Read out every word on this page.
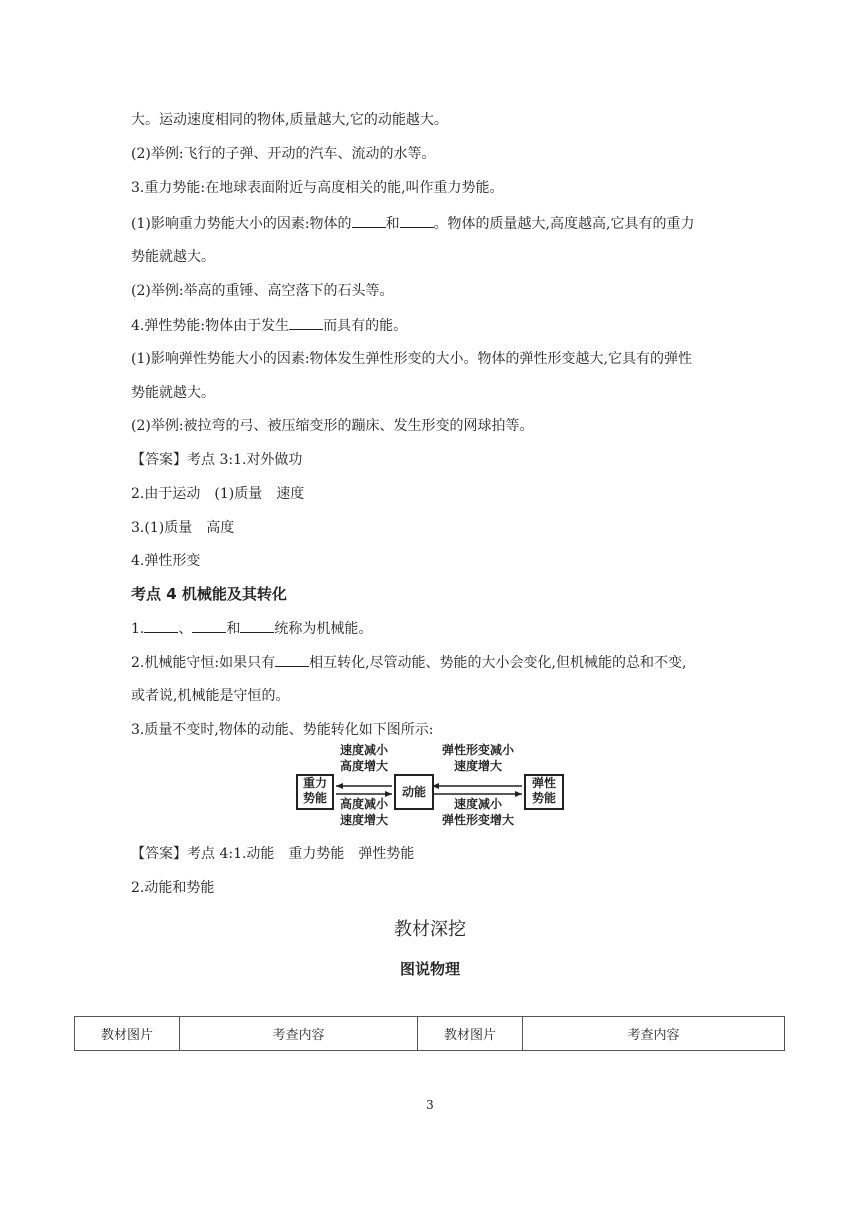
大。运动速度相同的物体,质量越大,它的动能越大。
(2)举例:飞行的子弹、开动的汽车、流动的水等。
3.重力势能:在地球表面附近与高度相关的能,叫作重力势能。
(1)影响重力势能大小的因素:物体的 和 。物体的质量越大,高度越高,它具有的重力
势能就越大。
(2)举例:举高的重锤、高空落下的石头等。
4.弹性势能:物体由于发生 而具有的能。
(1)影响弹性势能大小的因素:物体发生弹性形变的大小。物体的弹性形变越大,它具有的弹性
势能就越大。
(2)举例:被拉弯的弓、被压缩变形的蹦床、发生形变的网球拍等。
【答案】考点 3:1.对外做功
2.由于运动　(1)质量　速度
3.(1)质量　高度
4.弹性形变
考点 4 机械能及其转化
1. 、 和 统称为机械能。
2.机械能守恒:如果只有 相互转化,尽管动能、势能的大小会变化,但机械能的总和不变,
或者说,机械能是守恒的。
3.质量不变时,物体的动能、势能转化如下图所示:
重力
势能	动能
弹性
势能
速度减小
高度增大
高度减小
速度增大
弹性形变减小
速度增大
速度减小
弹性形变增大
【答案】考点 4:1.动能　重力势能　弹性势能
2.动能和势能
教材深挖
图说物理
教材图片	考查内容	教材图片	考查内容
3
